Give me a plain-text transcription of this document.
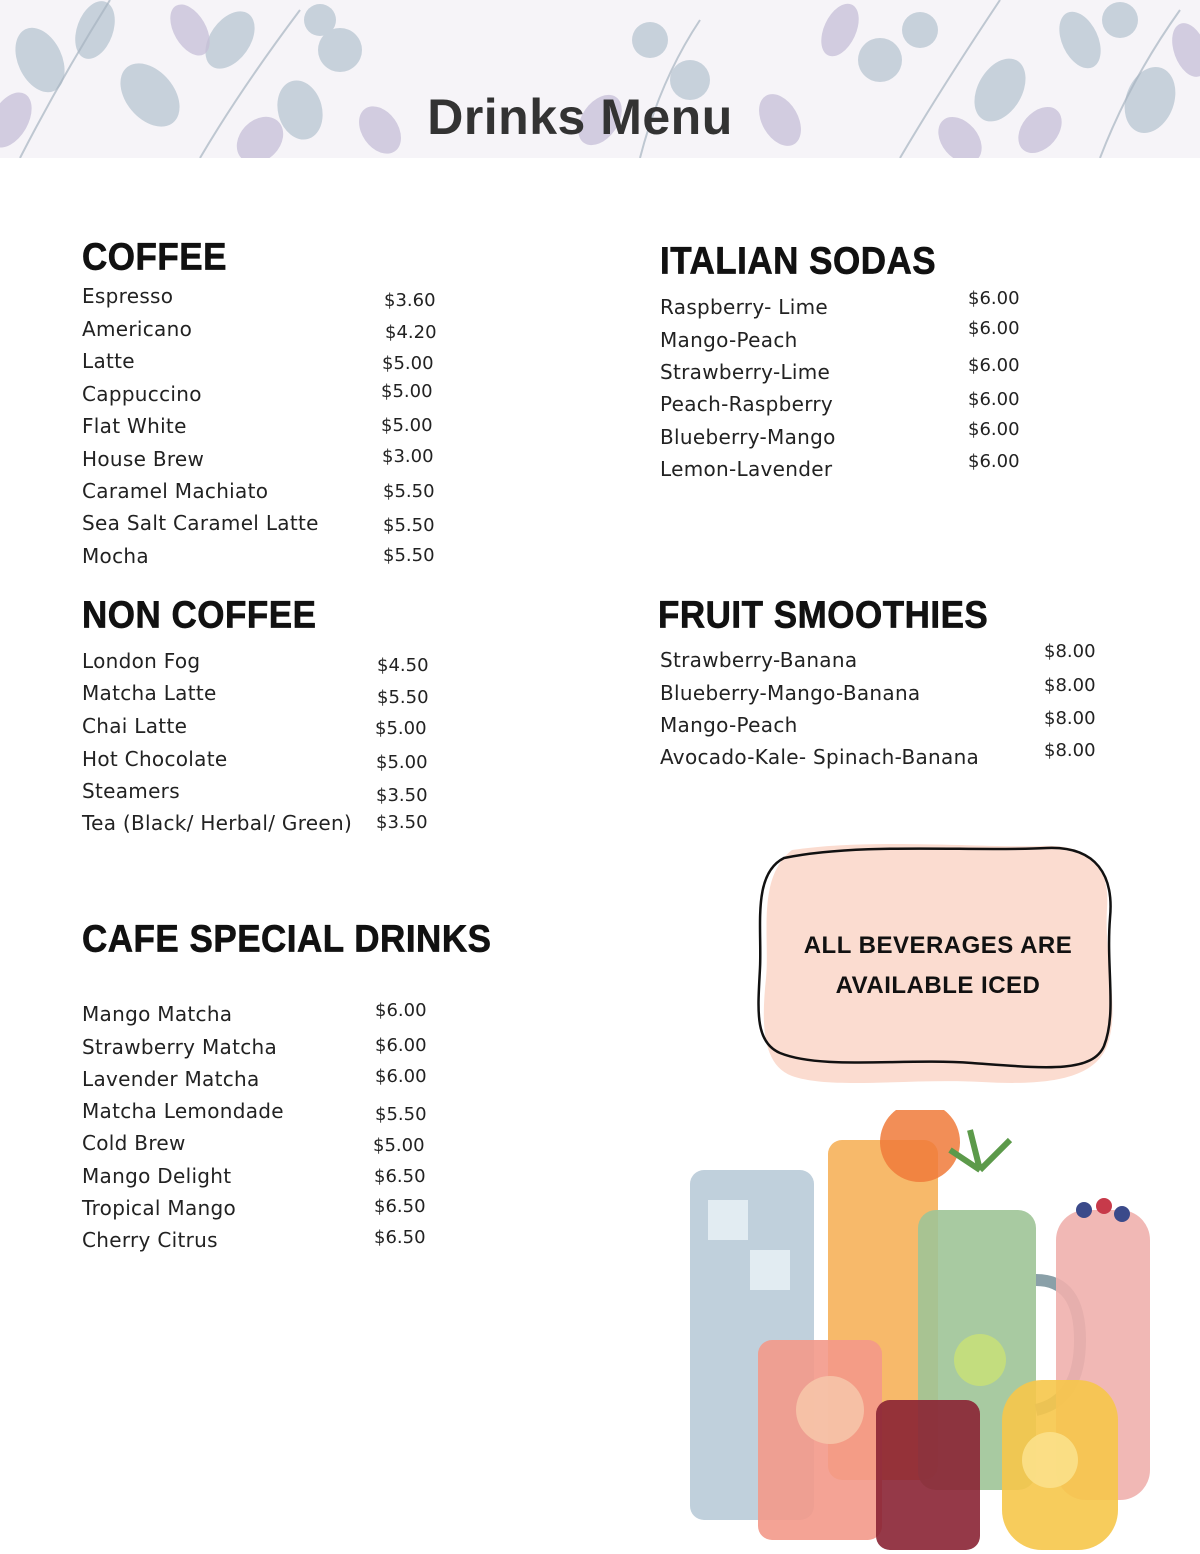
Drinks Menu
COFFEE
Espresso	$3.60
Americano	$4.20
Latte	$5.00
Cappuccino	$5.00
Flat White	$5.00
House Brew	$3.00
Caramel Machiato	$5.50
Sea Salt Caramel Latte	$5.50
Mocha	$5.50
NON COFFEE
London Fog	$4.50
Matcha Latte	$5.50
Chai Latte	$5.00
Hot Chocolate	$5.00
Steamers	$3.50
Tea (Black/ Herbal/ Green) $3.50
CAFE SPECIAL DRINKS
Mango Matcha	$6.00
Strawberry Matcha	$6.00
Lavender Matcha	$6.00
Matcha Lemondade	$5.50
Cold Brew	$5.00
Mango Delight	$6.50
Tropical Mango	$6.50
Cherry Citrus	$6.50
ITALIAN SODAS
Raspberry- Lime	$6.00
Mango-Peach	$6.00
Strawberry-Lime	$6.00
Peach-Raspberry	$6.00
Blueberry-Mango	$6.00
Lemon-Lavender	$6.00
FRUIT SMOOTHIES
Strawberry-Banana	$8.00
Blueberry-Mango-Banana	$8.00
Mango-Peach	$8.00
Avocado-Kale- Spinach-Banana	$8.00
ALL BEVERAGES ARE
AVAILABLE ICED
